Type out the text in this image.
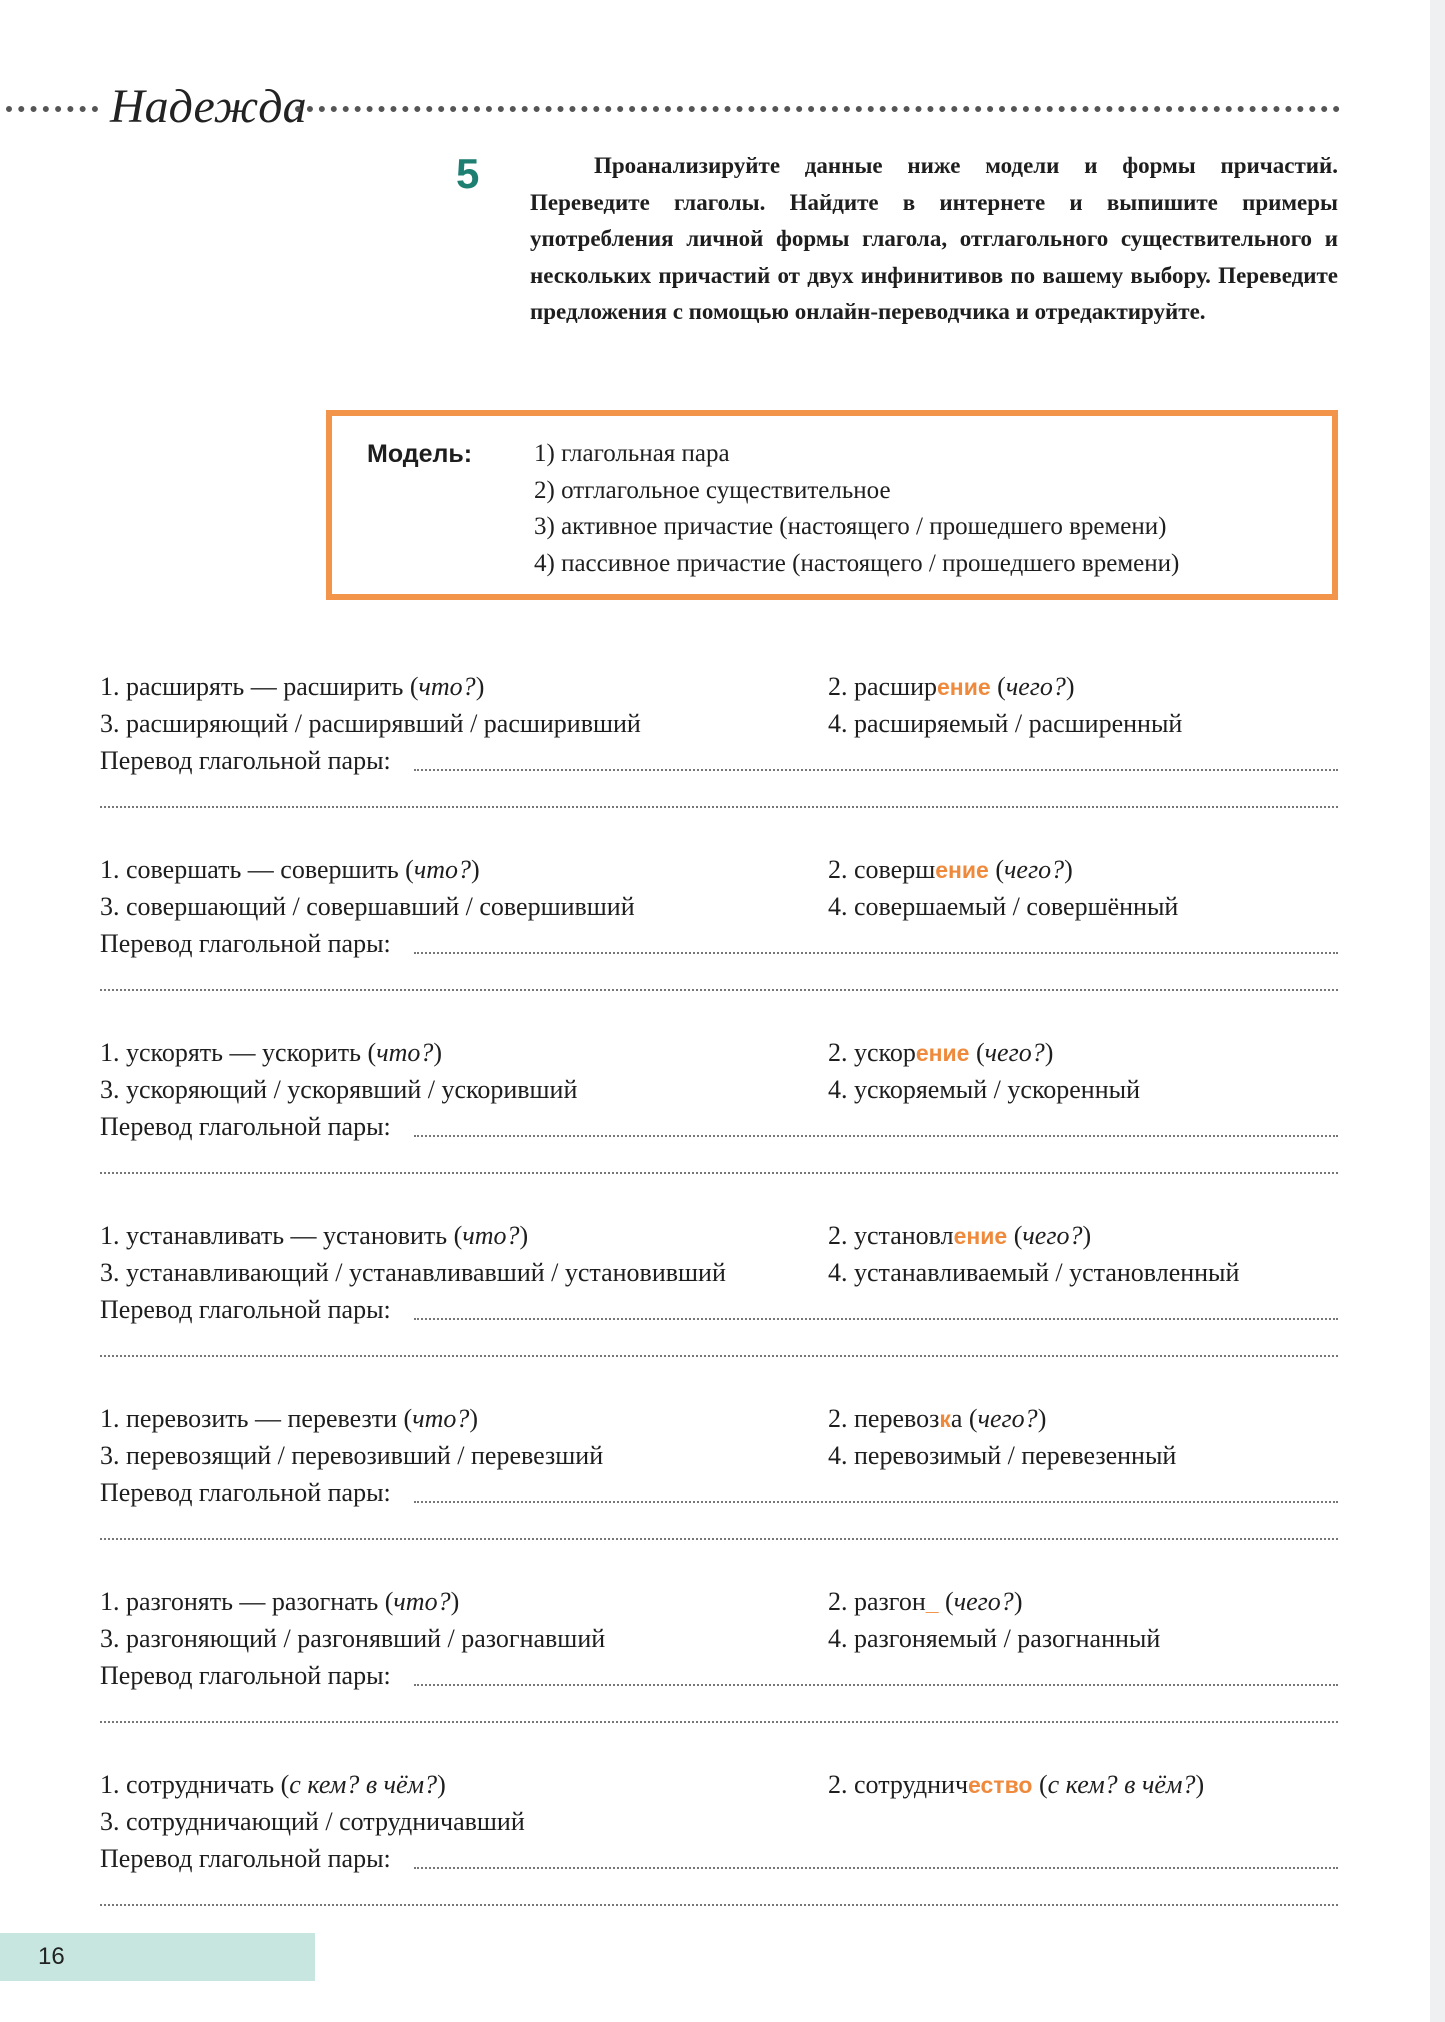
Надежда
5	Проанализируйте данные ниже модели и формы причастий. Переведите глаголы. Найдите в интернете и выпишите примеры употребления личной формы глагола, отглагольного существительного и нескольких причастий от двух инфинитивов по вашему выбору. Переведите предложения с помощью онлайн-переводчика и отредактируйте.
Модель: 1) глагольная пара
2) отглагольное существительное
3) активное причастие (настоящего / прошедшего времени)
4) пассивное причастие (настоящего / прошедшего времени)
1. расширять — расширить (что?)	2. расширение (чего?)
3. расширяющий / расширявший / расширивший	4. расширяемый / расширенный
Перевод глагольной пары:
1. совершать — совершить (что?)	2. совершение (чего?)
3. совершающий / совершавший / совершивший	4. совершаемый / совершённый
Перевод глагольной пары:
1. ускорять — ускорить (что?)	2. ускорение (чего?)
3. ускоряющий / ускорявший / ускоривший	4. ускоряемый / ускоренный
Перевод глагольной пары:
1. устанавливать — установить (что?)	2. установление (чего?)
3. устанавливающий / устанавливавший / установивший	4. устанавливаемый / установленный
Перевод глагольной пары:
1. перевозить — перевезти (что?)	2. перевозка (чего?)
3. перевозящий / перевозивший / перевезший	4. перевозимый / перевезенный
Перевод глагольной пары:
1. разгонять — разогнать (что?)	2. разгон_ (чего?)
3. разгоняющий / разгонявший / разогнавший	4. разгоняемый / разогнанный
Перевод глагольной пары:
1. сотрудничать (с кем? в чём?)	2. сотрудничество (с кем? в чём?)
3. сотрудничающий / сотрудничавший
Перевод глагольной пары:
16
